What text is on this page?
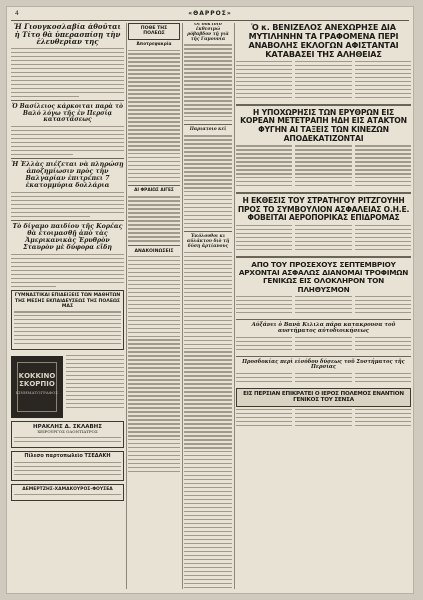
4	«ΘΑΡΡΟΣ»
Ἡ Γιουγκοσλαβία ἀθοῦται ἡ Τίτο θὰ ὑπερασπίσῃ τὴν ἐλευθερίαν της
Ὁ Βασίλειος κάρκοιται παρὰ τὸ Βαλό λόγω τῆς ἐν Περσίᾳ καταστάσεως
Ἡ Ἑλλὰς πιέζεται νὰ πληρώσῃ ἀποζημίωσιν πρὸς τὴν Βαλγαρίαν ἐπιτρέπει 7 ἑκατομμύρια δολλάρια
Τὸ δίγαμο παιδίου τῆς Κορέας θὰ ἐτοιμασθῇ ἀπὸ τὰς Ἀμερικανικὰς Ἐρυθρὸν Σταυρὸν μὲ δύφορα εἴδη
ΓΥΜΝΑΣΤΙΚΑΙ ΕΠΙΔΕΙΞΕΙΣ ΤΩΝ ΜΑΘΗΤΩΝ ΤΗΣ ΜΕΣΗΣ ΕΚΠΑΙΔΕΥΣΕΩΣ ΤΗΣ ΠΟΛΕΩΣ ΜΑΣ
ΚΟΚΚΙΝΟ ΣΚΟΡΠΙΟ
ΚΙΝΗΜΑΤΟΓΡΑΦΟΣ
ΗΡΑΚΛΗΣ Δ. ΣΚΛΑΒΗΣ
ΧΕΙΡΟΥΡΓΟΣ ΟΔΟΝΤΙΑΤΡΟΣ
Πίλεσο παρτοπωλεῖο ΤΣΕΔΑΚΗ
ΔΕΜΕΡΤΖΗΣ-ΧΑΜΑΚΟΥΡΟΣ-ΦΟΥΣΕΑ
ΠΟΘΕ ΤΗΣ ΠΟΛΕΩΣ
Ἀποτρεψακρία
ΑΙ ΦΡΑΙΩΣ ΑΙΓΕΣ
ΑΝΑΚΟΙΝΩΣΕΙΣ
Οἱ δόκτοιο ἐκθεσιμώ ρόβαβδον τῇ γιὰ τῆς Γαμουνία
Παριατοιο κεῖ
Ἐκόλουθοι κι αὐλάκτου διὸ τῆ δύση ἀρτίανους
Ὁ κ. ΒΕΝΙΖΕΛΟΣ ΑΝΕΧΩΡΗΣΕ ΔΙΑ ΜΥΤΙΛΗΝΗΝ ΤΑ ΓΡΑΦΟΜΕΝΑ ΠΕΡΙ ΑΝΑΒΟΛΗΣ ΕΚΛΟΓΩΝ ΑΦΙΣΤΑΝΤΑΙ ΚΑΤΑΒΑΣΕΙ ΤΗΣ ΑΛΗΘΕΙΑΣ
Η ΥΠΟΧΩΡΗΣΙΣ ΤΩΝ ΕΡΥΘΡΩΝ ΕΙΣ ΚΟΡΕΑΝ ΜΕΤΕΤΡΑΠΗ ΗΔΗ ΕΙΣ ΑΤΑΚΤΟΝ ΦΥΓΗΝ ΑΙ ΤΑΞΕΙΣ ΤΩΝ ΚΙΝΕΖΩΝ ΑΠΟΔΕΚΑΤΙΖΟΝΤΑΙ
Η ΕΚΘΕΣΙΣ ΤΟΥ ΣΤΡΑΤΗΓΟΥ ΡΙΤΖΓΟΥΗΗ ΠΡΟΣ ΤΟ ΣΥΜΒΟΥΛΙΟΝ ΑΣΦΑΛΕΙΑΣ Ο.Η.Ε. ΦΟΒΕΙΤΑΙ ΑΕΡΟΠΟΡΙΚΑΣ ΕΠΙΔΡΟΜΑΣ
ΑΠΟ ΤΟΥ ΠΡΟΣΕΧΟΥΣ ΣΕΠΤΕΜΒΡΙΟΥ ΑΡΧΟΝΤΑΙ ΑΣΦΑΛΩΣ ΔΙΑΝΟΜΑΙ ΤΡΟΦΙΜΩΝ ΓΕΝΙΚΩΣ ΕΙΣ ΟΛΟΚΛΗΡΟΝ ΤΟΝ ΠΛΗΘΥΣΜΟΝ
Αὐξάνει ὁ Βανὰ Κιλιλα πάρα κατακρουσα τοῦ αυστήματος αὐτοδιοικήσεως
Προσδοκίας περὶ εἰσόδου δύσεως τοῦ Συστήματος τῆς Περσίας
ΕΙΣ ΠΕΡΣΙΑΝ ΕΠΙΚΡΑΤΕΙ Ο ΙΕΡΟΣ ΠΟΛΕΜΟΣ ΕΝΑΝΤΙΟΝ ΓΕΝΙΚΟΣ ΤΟΥ ΣΕΝΣΑ
